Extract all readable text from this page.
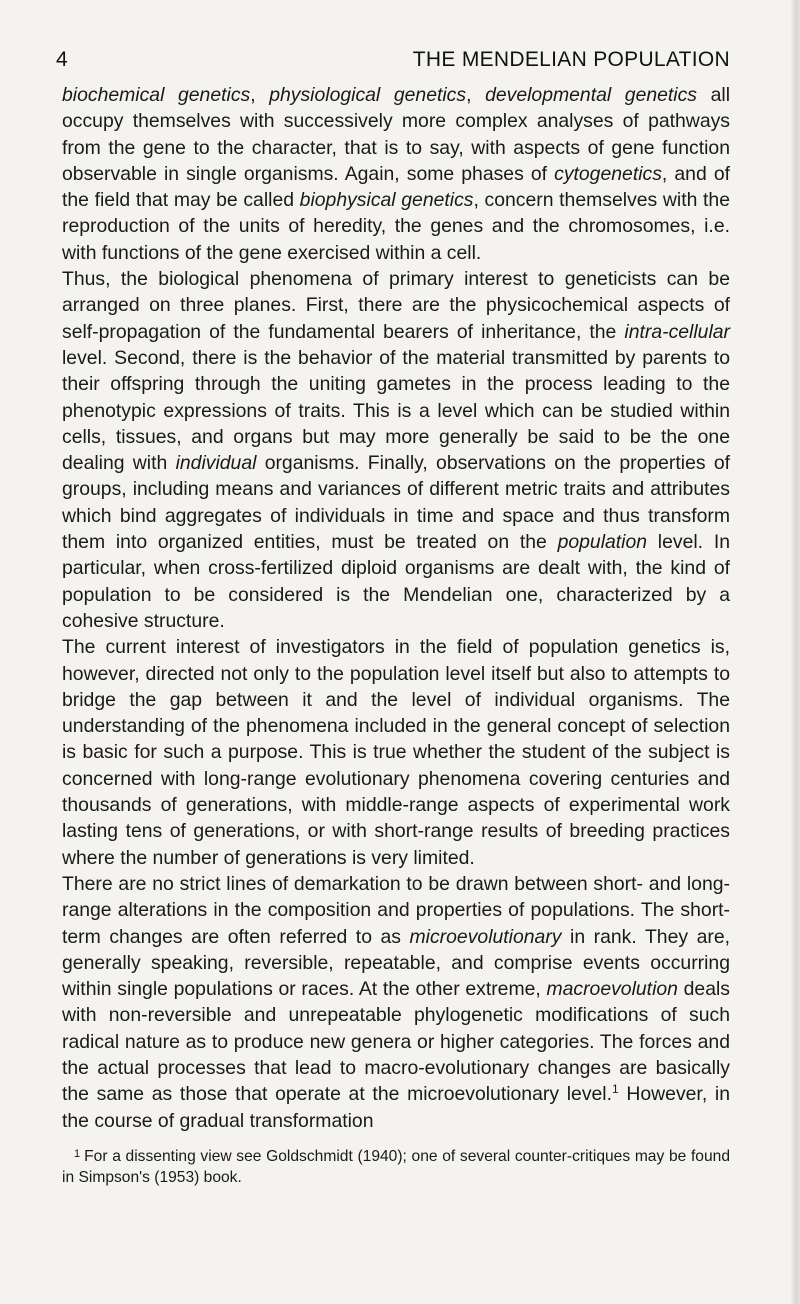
4	THE MENDELIAN POPULATION

biochemical genetics, physiological genetics, developmental genetics all occupy themselves with successively more complex analyses of pathways from the gene to the character, that is to say, with aspects of gene function observable in single organisms. Again, some phases of cytogenetics, and of the field that may be called biophysical genetics, concern themselves with the reproduction of the units of heredity, the genes and the chromosomes, i.e. with functions of the gene exercised within a cell.

Thus, the biological phenomena of primary interest to geneticists can be arranged on three planes. First, there are the physicochemical aspects of self-propagation of the fundamental bearers of inheritance, the intra-cellular level. Second, there is the behavior of the material transmitted by parents to their offspring through the uniting gametes in the process leading to the phenotypic expressions of traits. This is a level which can be studied within cells, tissues, and organs but may more generally be said to be the one dealing with individual organisms. Finally, observations on the properties of groups, including means and variances of different metric traits and attributes which bind aggregates of individuals in time and space and thus transform them into organized entities, must be treated on the population level. In particular, when cross-fertilized diploid organisms are dealt with, the kind of population to be considered is the Mendelian one, characterized by a cohesive structure.

The current interest of investigators in the field of population genetics is, however, directed not only to the population level itself but also to attempts to bridge the gap between it and the level of individual organisms. The understanding of the phenomena included in the general concept of selection is basic for such a purpose. This is true whether the student of the subject is concerned with long-range evolutionary phenomena covering centuries and thousands of generations, with middle-range aspects of experimental work lasting tens of generations, or with short-range results of breeding practices where the number of generations is very limited.

There are no strict lines of demarkation to be drawn between short- and long-range alterations in the composition and properties of populations. The short-term changes are often referred to as microevolutionary in rank. They are, generally speaking, reversible, repeatable, and comprise events occurring within single populations or races. At the other extreme, macroevolution deals with non-reversible and unrepeatable phylogenetic modifications of such radical nature as to produce new genera or higher categories. The forces and the actual processes that lead to macro-evolutionary changes are basically the same as those that operate at the microevolutionary level.$^1$ However, in the course of gradual transformation

$^1$ For a dissenting view see Goldschmidt (1940); one of several counter-critiques may be found in Simpson's (1953) book.
